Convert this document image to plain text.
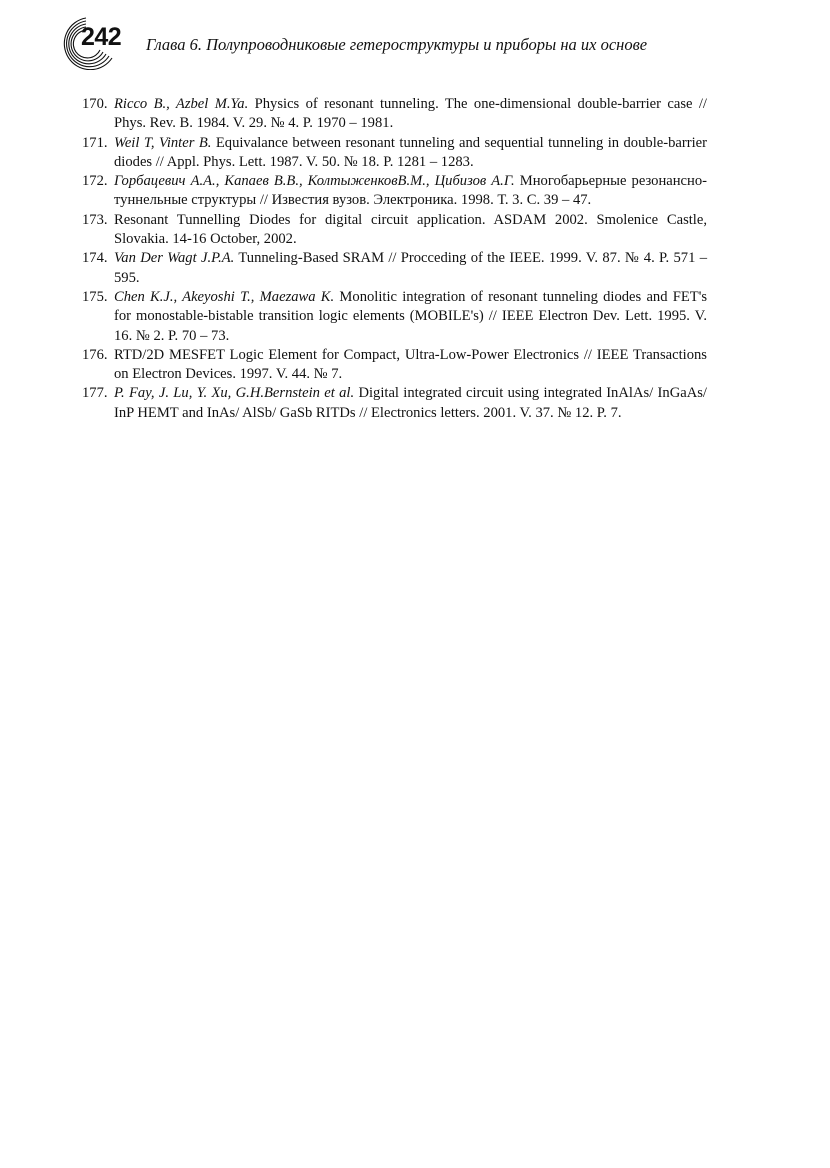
242 Глава 6. Полупроводниковые гетероструктуры и приборы на их основе

170. Ricco B., Azbel M.Ya. Physics of resonant tunneling. The one-dimensional double-barrier case // Phys. Rev. B. 1984. V. 29. № 4. P. 1970 – 1981.

171. Weil T, Vinter B. Equivalance between resonant tunneling and sequential tunneling in double-barrier diodes // Appl. Phys. Lett. 1987. V. 50. № 18. P. 1281 – 1283.

172. Горбацевич А.А., Капаев В.В., КолтыженковВ.М., Цибизов А.Г. Многобарьерные резонансно-туннельные структуры // Известия вузов. Электроника. 1998. Т. 3. С. 39 – 47.

173. Resonant Tunnelling Diodes for digital circuit application. ASDAM 2002. Smolenice Castle, Slovakia. 14-16 October, 2002.

174. Van Der Wagt J.P.A. Tunneling-Based SRAM // Procceding of the IEEE. 1999. V. 87. № 4. P. 571 – 595.

175. Chen K.J., Akeyoshi T., Maezawa K. Monolitic integration of resonant tunneling diodes and FET's for monostable-bistable transition logic elements (MOBILE's) // IEEE Electron Dev. Lett. 1995. V. 16. № 2. P. 70 – 73.

176. RTD/2D MESFET Logic Element for Compact, Ultra-Low-Power Electronics // IEEE Transactions on Electron Devices. 1997. V. 44. № 7.

177. P. Fay, J. Lu, Y. Xu, G.H.Bernstein et al. Digital integrated circuit using integrated InAlAs/ InGaAs/ InP HEMT and InAs/ AlSb/ GaSb RITDs // Electronics letters. 2001. V. 37. № 12. P. 7.
